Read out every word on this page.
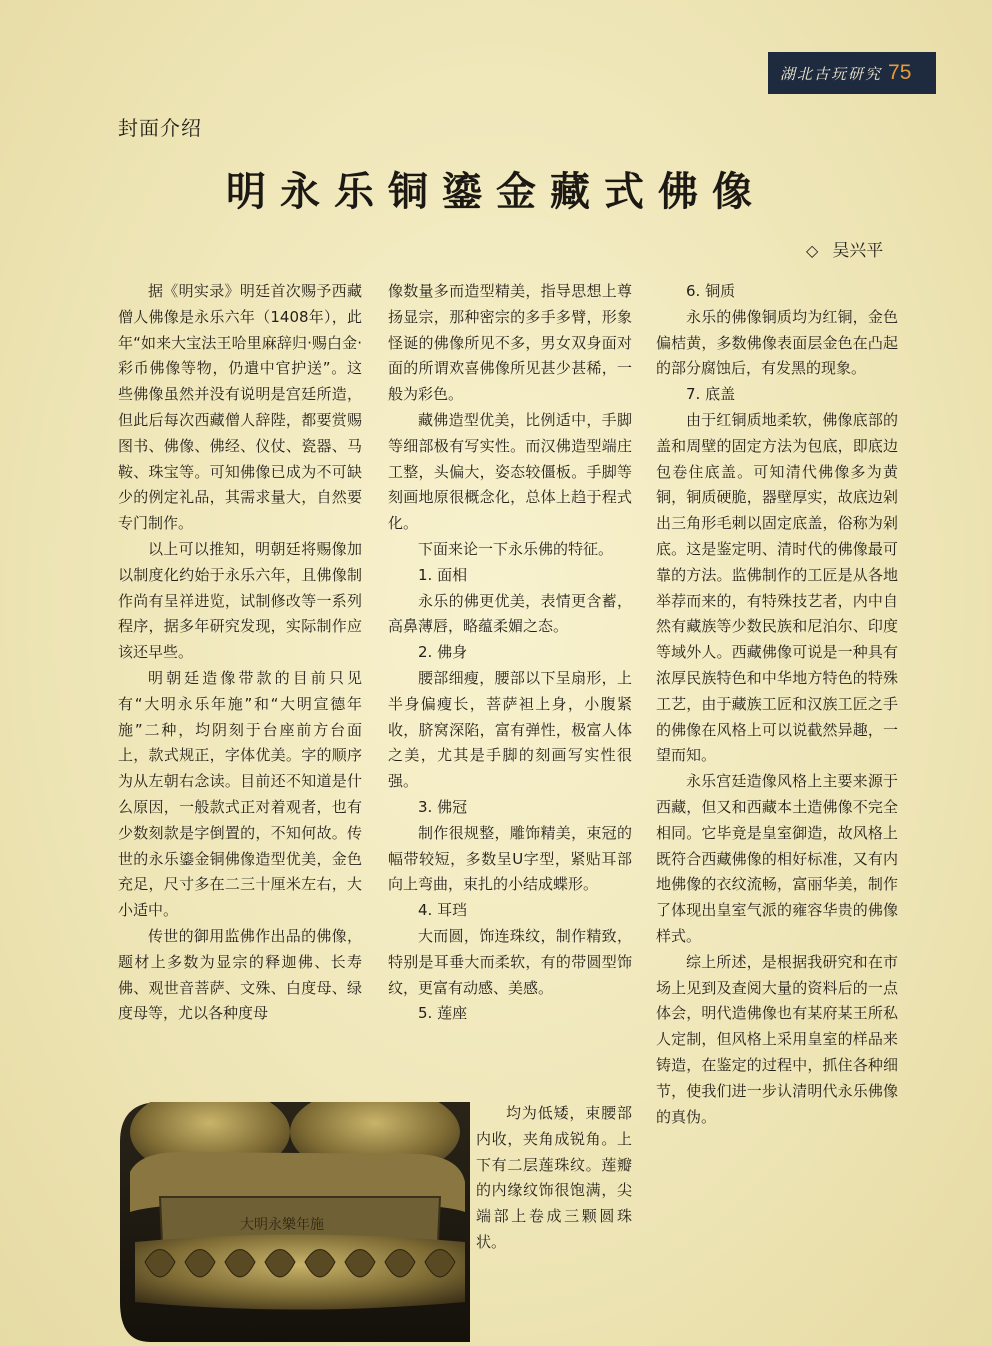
湖北古玩研究 75
封面介绍
明永乐铜鎏金藏式佛像
◇ 吴兴平

据《明实录》明廷首次赐予西藏僧人佛像是永乐六年（1408年），此年“如来大宝法王哈里麻辞归·赐白金·彩币佛像等物，仍遣中官护送”。这些佛像虽然并没有说明是宫廷所造，但此后每次西藏僧人辞陛，都要赏赐图书、佛像、佛经、仪仗、瓷器、马鞍、珠宝等。可知佛像已成为不可缺少的例定礼品，其需求量大，自然要专门制作。

以上可以推知，明朝廷将赐像加以制度化约始于永乐六年，且佛像制作尚有呈祥进览，试制修改等一系列程序，据多年研究发现，实际制作应该还早些。

明朝廷造像带款的目前只见有“大明永乐年施”和“大明宣德年施”二种，均阴刻于台座前方台面上，款式规正，字体优美。字的顺序为从左朝右念读。目前还不知道是什么原因，一般款式正对着观者，也有少数刻款是字倒置的，不知何故。传世的永乐鎏金铜佛像造型优美，金色充足，尺寸多在二三十厘米左右，大小适中。

传世的御用监佛作出品的佛像，题材上多数为显宗的释迦佛、长寿佛、观世音菩萨、文殊、白度母、绿度母等，尤以各种度母

像数量多而造型精美，指导思想上尊扬显宗，那种密宗的多手多臂，形象怪诞的佛像所见不多，男女双身面对面的所谓欢喜佛像所见甚少甚稀，一般为彩色。

藏佛造型优美，比例适中，手脚等细部极有写实性。而汉佛造型端庄工整，头偏大，姿态较僵板。手脚等刻画地原很概念化，总体上趋于程式化。

下面来论一下永乐佛的特征。

1. 面相

永乐的佛更优美，表情更含蓄，高鼻薄唇，略蕴柔媚之态。

2. 佛身

腰部细瘦，腰部以下呈扇形，上半身偏瘦长，菩萨袒上身，小腹紧收，脐窝深陷，富有弹性，极富人体之美，尤其是手脚的刻画写实性很强。

3. 佛冠

制作很规整，雕饰精美，束冠的幅带较短，多数呈U字型，紧贴耳部向上弯曲，束扎的小结成蝶形。

4. 耳珰

大而圆，饰连珠纹，制作精致，特别是耳垂大而柔软，有的带圆型饰纹，更富有动感、美感。

5. 莲座

均为低矮，束腰部内收，夹角成锐角。上下有二层莲珠纹。莲瓣的内缘纹饰很饱满，尖端部上卷成三颗圆珠状。

6. 铜质

永乐的佛像铜质均为红铜，金色偏桔黄，多数佛像表面层金色在凸起的部分腐蚀后，有发黑的现象。

7. 底盖

由于红铜质地柔软，佛像底部的盖和周壁的固定方法为包底，即底边包卷住底盖。可知清代佛像多为黄铜，铜质硬脆，器壁厚实，故底边剁出三角形毛刺以固定底盖，俗称为剁底。这是鉴定明、清时代的佛像最可靠的方法。监佛制作的工匠是从各地举荐而来的，有特殊技艺者，内中自然有藏族等少数民族和尼泊尔、印度等域外人。西藏佛像可说是一种具有浓厚民族特色和中华地方特色的特殊工艺，由于藏族工匠和汉族工匠之手的佛像在风格上可以说截然异趣，一望而知。

永乐宫廷造像风格上主要来源于西藏，但又和西藏本土造佛像不完全相同。它毕竟是皇室御造，故风格上既符合西藏佛像的相好标准，又有内地佛像的衣纹流畅，富丽华美，制作了体现出皇室气派的雍容华贵的佛像样式。

综上所述，是根据我研究和在市场上见到及查阅大量的资料后的一点体会，明代造佛像也有某府某王所私人定制，但风格上采用皇室的样品来铸造，在鉴定的过程中，抓住各种细节，使我们进一步认清明代永乐佛像的真伪。

大明永樂年施
